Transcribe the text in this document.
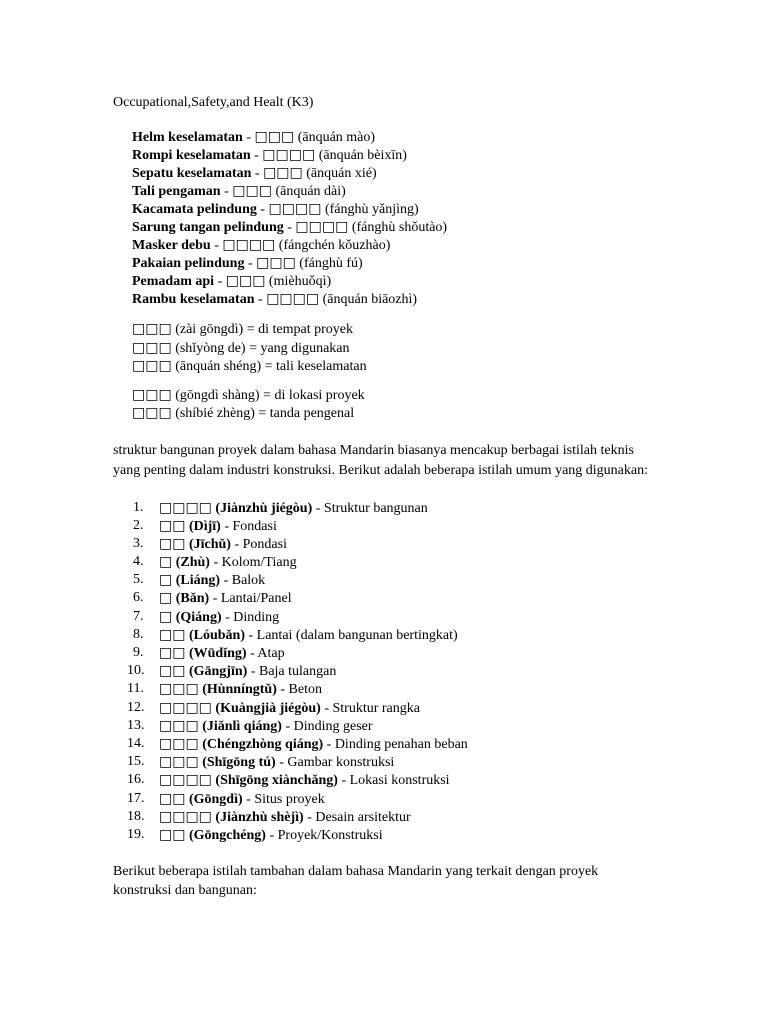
Occupational,Safety,and Healt (K3)
Helm keselamatan - □□□ (ānquán mào)
Rompi keselamatan - □□□□ (ānquán bèixīn)
Sepatu keselamatan - □□□ (ānquán xié)
Tali pengaman - □□□ (ānquán dài)
Kacamata pelindung - □□□□ (fánghù yǎnjìng)
Sarung tangan pelindung - □□□□ (fánghù shǒutào)
Masker debu - □□□□ (fángchén kǒuzhào)
Pakaian pelindung - □□□ (fánghù fú)
Pemadam api - □□□ (mièhuǒqì)
Rambu keselamatan - □□□□ (ānquán biāozhì)
□□□ (zài gōngdì) = di tempat proyek
□□□ (shǐyòng de) = yang digunakan
□□□ (ānquán shéng) = tali keselamatan
□□□ (gōngdì shàng) = di lokasi proyek
□□□ (shíbié zhèng) = tanda pengenal
struktur bangunan proyek dalam bahasa Mandarin biasanya mencakup berbagai istilah teknis yang penting dalam industri konstruksi. Berikut adalah beberapa istilah umum yang digunakan:
1. □□□□ (Jiànzhù jiégòu) - Struktur bangunan
2. □□ (Dìjī) - Fondasi
3. □□ (Jīchǔ) - Pondasi
4. □ (Zhù) - Kolom/Tiang
5. □ (Liáng) - Balok
6. □ (Bǎn) - Lantai/Panel
7. □ (Qiáng) - Dinding
8. □□ (Lóubǎn) - Lantai (dalam bangunan bertingkat)
9. □□ (Wūdǐng) - Atap
10. □□ (Gāngjīn) - Baja tulangan
11. □□□ (Hùnníngtǔ) - Beton
12. □□□□ (Kuàngjià jiégòu) - Struktur rangka
13. □□□ (Jiǎnlì qiáng) - Dinding geser
14. □□□ (Chéngzhòng qiáng) - Dinding penahan beban
15. □□□ (Shīgōng tú) - Gambar konstruksi
16. □□□□ (Shīgōng xiànchǎng) - Lokasi konstruksi
17. □□ (Gōngdì) - Situs proyek
18. □□□□ (Jiànzhù shèjì) - Desain arsitektur
19. □□ (Gōngchéng) - Proyek/Konstruksi
Berikut beberapa istilah tambahan dalam bahasa Mandarin yang terkait dengan proyek konstruksi dan bangunan:
